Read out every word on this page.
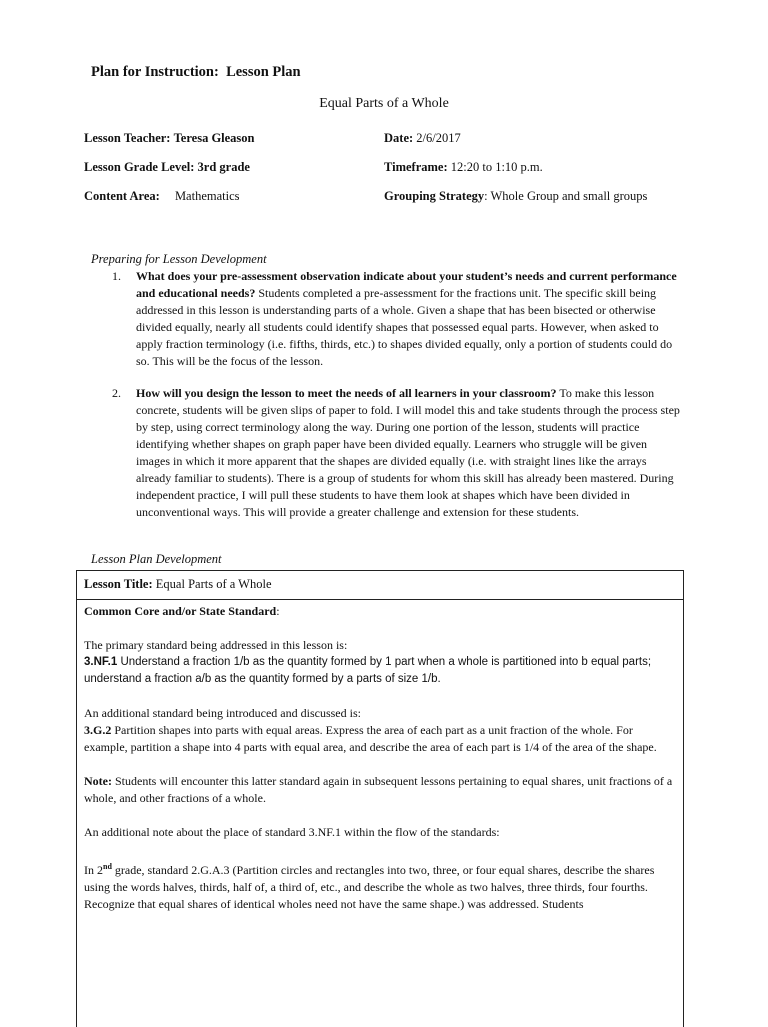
Plan for Instruction:  Lesson Plan
Equal Parts of a Whole
Lesson Teacher: Teresa Gleason
Lesson Grade Level: 3rd grade
Content Area: Mathematics
Date: 2/6/2017
Timeframe: 12:20 to 1:10 p.m.
Grouping Strategy: Whole Group and small groups
Preparing for Lesson Development
1. What does your pre-assessment observation indicate about your student’s needs and current performance and educational needs? Students completed a pre-assessment for the fractions unit. The specific skill being addressed in this lesson is understanding parts of a whole. Given a shape that has been bisected or otherwise divided equally, nearly all students could identify shapes that possessed equal parts. However, when asked to apply fraction terminology (i.e. fifths, thirds, etc.) to shapes divided equally, only a portion of students could do so. This will be the focus of the lesson.
2. How will you design the lesson to meet the needs of all learners in your classroom? To make this lesson concrete, students will be given slips of paper to fold. I will model this and take students through the process step by step, using correct terminology along the way. During one portion of the lesson, students will practice identifying whether shapes on graph paper have been divided equally. Learners who struggle will be given images in which it more apparent that the shapes are divided equally (i.e. with straight lines like the arrays already familiar to students). There is a group of students for whom this skill has already been mastered. During independent practice, I will pull these students to have them look at shapes which have been divided in unconventional ways. This will provide a greater challenge and extension for these students.
Lesson Plan Development
Lesson Title: Equal Parts of a Whole

Common Core and/or State Standard:

The primary standard being addressed in this lesson is:

3.NF.1 Understand a fraction 1/b as the quantity formed by 1 part when a whole is partitioned into b equal parts; understand a fraction a/b as the quantity formed by a parts of size 1/b.

An additional standard being introduced and discussed is:

3.G.2 Partition shapes into parts with equal areas. Express the area of each part as a unit fraction of the whole. For example, partition a shape into 4 parts with equal area, and describe the area of each part is 1/4 of the area of the shape.

Note: Students will encounter this latter standard again in subsequent lessons pertaining to equal shares, unit fractions of a whole, and other fractions of a whole.

An additional note about the place of standard 3.NF.1 within the flow of the standards:

In 2nd grade, standard 2.G.A.3 (Partition circles and rectangles into two, three, or four equal shares, describe the shares using the words halves, thirds, half of, a third of, etc., and describe the whole as two halves, three thirds, four fourths. Recognize that equal shares of identical wholes need not have the same shape.) was addressed. Students
